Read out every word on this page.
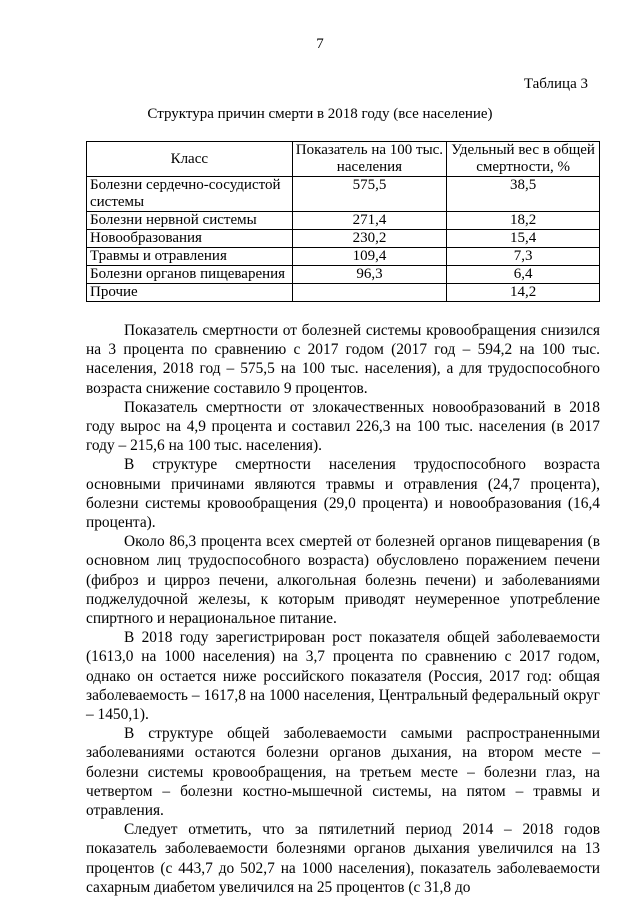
7
Таблица 3
Структура причин смерти в 2018 году (все население)
Класс	Показатель на 100 тыс. населения	Удельный вес в общей смертности, %
Болезни сердечно-сосудистой системы	575,5	38,5
Болезни нервной системы	271,4	18,2
Новообразования	230,2	15,4
Травмы и отравления	109,4	7,3
Болезни органов пищеварения	96,3	6,4
Прочие		14,2

Показатель смертности от болезней системы кровообращения снизился на 3 процента по сравнению с 2017 годом (2017 год – 594,2 на 100 тыс. населения, 2018 год – 575,5 на 100 тыс. населения), а для трудоспособного возраста снижение составило 9 процентов.

Показатель смертности от злокачественных новообразований в 2018 году вырос на 4,9 процента и составил 226,3 на 100 тыс. населения (в 2017 году – 215,6 на 100 тыс. населения).

В структуре смертности населения трудоспособного возраста основными причинами являются травмы и отравления (24,7 процента), болезни системы кровообращения (29,0 процента) и новообразования (16,4 процента).

Около 86,3 процента всех смертей от болезней органов пищеварения (в основном лиц трудоспособного возраста) обусловлено поражением печени (фиброз и цирроз печени, алкогольная болезнь печени) и заболеваниями поджелудочной железы, к которым приводят неумеренное употребление спиртного и нерациональное питание.

В 2018 году зарегистрирован рост показателя общей заболеваемости (1613,0 на 1000 населения) на 3,7 процента по сравнению с 2017 годом, однако он остается ниже российского показателя (Россия, 2017 год: общая заболеваемость – 1617,8 на 1000 населения, Центральный федеральный округ – 1450,1).

В структуре общей заболеваемости самыми распространенными заболеваниями остаются болезни органов дыхания, на втором месте – болезни системы кровообращения, на третьем месте – болезни глаз, на четвертом – болезни костно-мышечной системы, на пятом – травмы и отравления.

Следует отметить, что за пятилетний период 2014 – 2018 годов показатель заболеваемости болезнями органов дыхания увеличился на 13 процентов (с 443,7 до 502,7 на 1000 населения), показатель заболеваемости сахарным диабетом увеличился на 25 процентов (с 31,8 до
